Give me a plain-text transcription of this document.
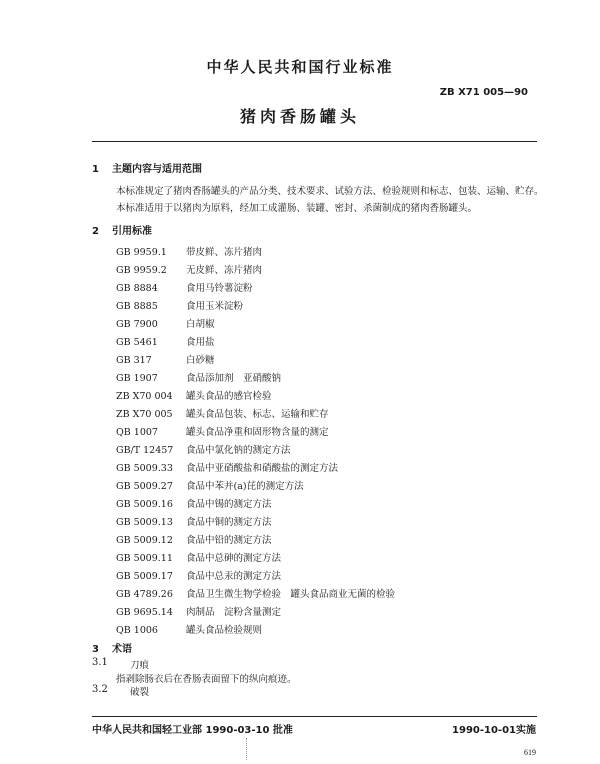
中华人民共和国行业标准
ZB X71 005—90
猪肉香肠罐头
1 主题内容与适用范围
本标准规定了猪肉香肠罐头的产品分类、技术要求、试验方法、检验规则和标志、包装、运输、贮存。
本标准适用于以猪肉为原料，经加工成灌肠、装罐、密封、杀菌制成的猪肉香肠罐头。
2 引用标准
GB 9959.1 带皮鲜、冻片猪肉
GB 9959.2 无皮鲜、冻片猪肉
GB 8884	食用马铃薯淀粉
GB 8885	食用玉米淀粉
GB 7900	白胡椒
GB 5461	食用盐
GB 317	白砂糖
GB 1907	食品添加剂　亚硝酸钠
ZB X70 004 罐头食品的感官检验
ZB X70 005 罐头食品包装、标志、运输和贮存
QB 1007	罐头食品净重和固形物含量的测定
GB/T 12457 食品中氯化钠的测定方法
GB 5009.33 食品中亚硝酸盐和硝酸盐的测定方法
GB 5009.27 食品中苯并(a)芘的测定方法
GB 5009.16 食品中锡的测定方法
GB 5009.13 食品中铜的测定方法
GB 5009.12 食品中铅的测定方法
GB 5009.11 食品中总砷的测定方法
GB 5009.17 食品中总汞的测定方法
GB 4789.26 食品卫生微生物学检验　罐头食品商业无菌的检验
GB 9695.14 肉制品　淀粉含量测定
QB 1006	罐头食品检验规则
3 术语
3.1 刀痕
指剥除肠衣后在香肠表面留下的纵向痕迹。
3.2 破裂
中华人民共和国轻工业部 1990-03-10 批准	1990-10-01实施
619
